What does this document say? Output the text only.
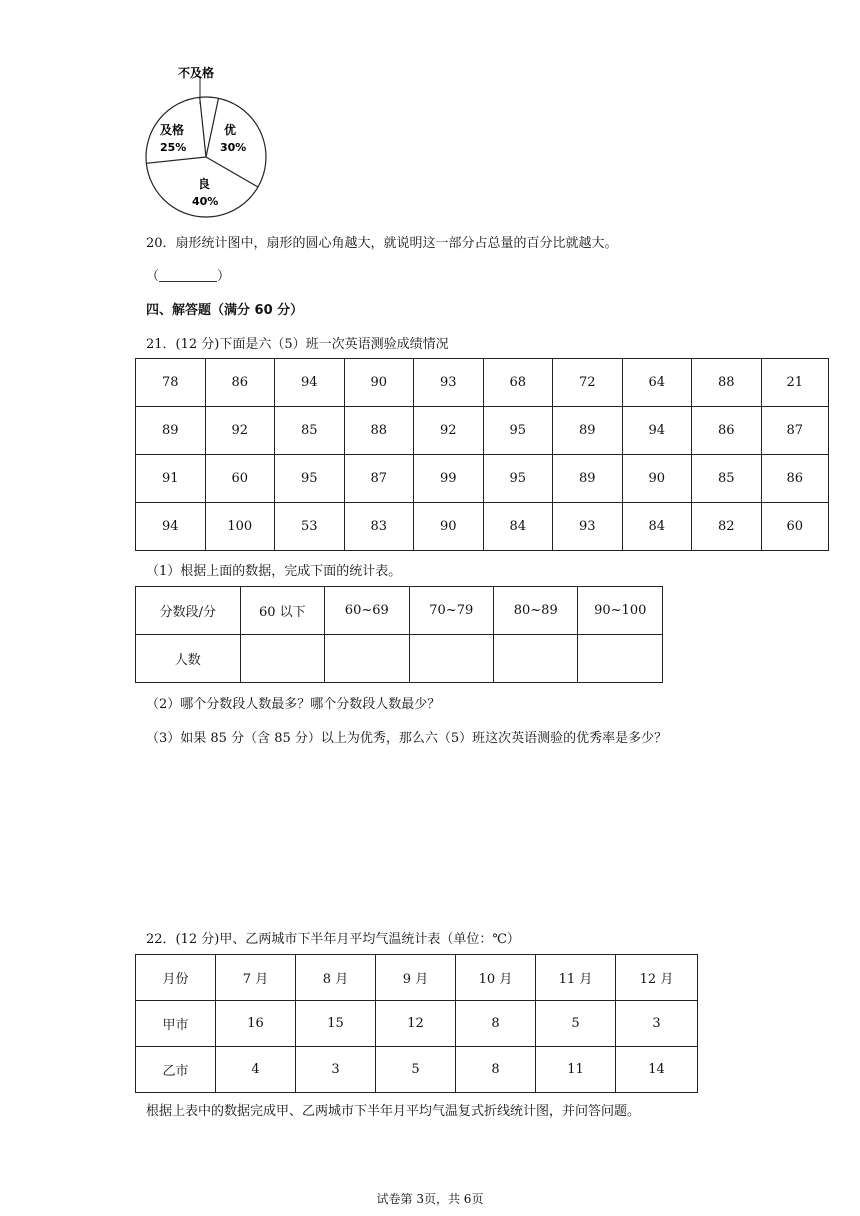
不及格
及格
25%
优
30%
良
40%
20．扇形统计图中，扇形的圆心角越大，就说明这一部分占总量的百分比就越大。
（	）
四、解答题（满分 60 分）
21．(12 分)下面是六（5）班一次英语测验成绩情况
78	86	94	90	93	68	72	64	88	21
89	92	85	88	92	95	89	94	86	87
91	60	95	87	99	95	89	90	85	86
94	100	53	83	90	84	93	84	82	60
（1）根据上面的数据，完成下面的统计表。
分数段/分	60 以下	60~69	70~79	80~89	90~100
人数					
（2）哪个分数段人数最多？哪个分数段人数最少？
（3）如果 85 分（含 85 分）以上为优秀，那么六（5）班这次英语测验的优秀率是多少？
22．(12 分)甲、乙两城市下半年月平均气温统计表（单位：℃）
月份	7 月	8 月	9 月	10 月	11 月	12 月
甲市	16	15	12	8	5	3
乙市	4	3	5	8	11	14
根据上表中的数据完成甲、乙两城市下半年月平均气温复式折线统计图，并问答问题。
试卷第 3页，共 6页
